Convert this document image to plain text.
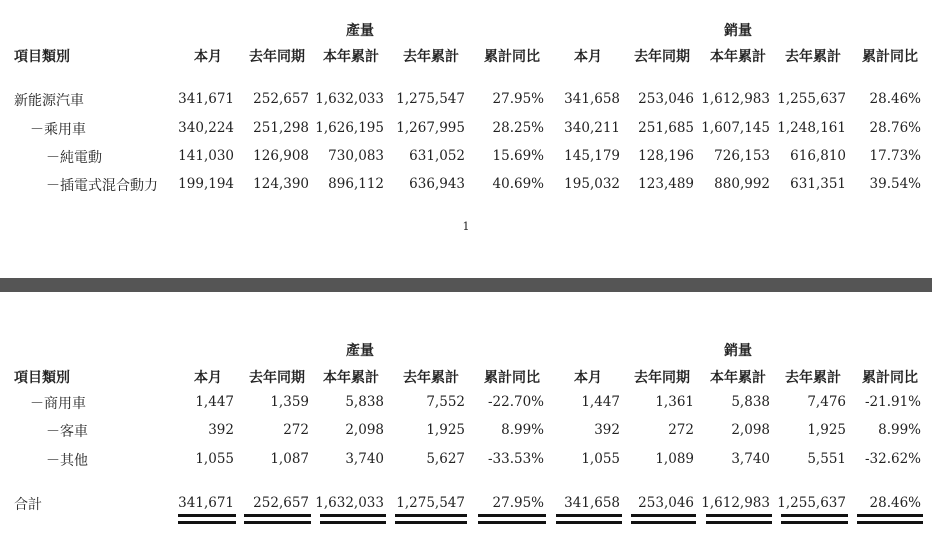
產量	銷量
項目類別	本月 去年同期 本年累計 去年累計 累計同比 本月 去年同期 本年累計 去年累計 累計同比
新能源汽車	341,671 252,657 1,632,033 1,275,547 27.95% 341,658 253,046 1,612,983 1,255,637 28.46%
－乘用車	340,224 251,298 1,626,195 1,267,995 28.25% 340,211 251,685 1,607,145 1,248,161 28.76%
－純電動	141,030 126,908 730,083 631,052 15.69% 145,179 128,196 726,153 616,810 17.73%
－插電式混合動力 199,194 124,390 896,112 636,943 40.69% 195,032 123,489 880,992 631,351 39.54%
1
產量	銷量
項目類別	本月 去年同期 本年累計 去年累計 累計同比 本月 去年同期 本年累計 去年累計 累計同比
－商用車	1,447	1,359	5,838	7,552 -22.70%	1,447	1,361	5,838	7,476 -21.91%
－客車	392	272	2,098	1,925	8.99%	392	272	2,098	1,925 8.99%
－其他	1,055	1,087	3,740	5,627 -33.53%	1,055	1,089	3,740	5,551 -32.62%
合計	341,671 252,657 1,632,033 1,275,547 27.95% 341,658 253,046 1,612,983 1,255,637 28.46%
